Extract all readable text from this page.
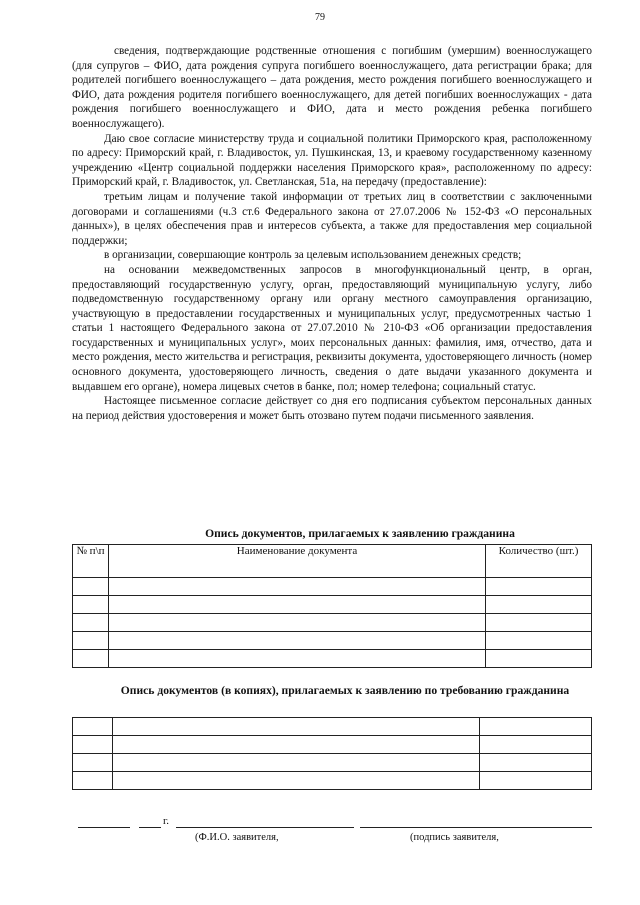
79

сведения, подтверждающие родственные отношения с погибшим (умершим) военнослужащего (для супругов – ФИО, дата рождения супруга погибшего военнослужащего, дата регистрации брака; для родителей погибшего военнослужащего – дата рождения, место рождения погибшего военнослужащего и ФИО, дата рождения родителя погибшего военнослужащего, для детей погибших военнослужащих - дата рождения погибшего военнослужащего и ФИО, дата и место рождения ребенка погибшего военнослужащего).

Даю свое согласие министерству труда и социальной политики Приморского края, расположенному по адресу: Приморский край, г. Владивосток, ул. Пушкинская, 13, и краевому государственному казенному учреждению «Центр социальной поддержки населения Приморского края», расположенному по адресу: Приморский край, г. Владивосток, ул. Светланская, 51а, на передачу (предоставление):

третьим лицам и получение такой информации от третьих лиц в соответствии с заключенными договорами и соглашениями (ч.3 ст.6 Федерального закона от 27.07.2006 № 152-ФЗ «О персональных данных»), в целях обеспечения прав и интересов субъекта, а также для предоставления мер социальной поддержки;

в организации, совершающие контроль за целевым использованием денежных средств;

на основании межведомственных запросов в многофункциональный центр, в орган, предоставляющий государственную услугу, орган, предоставляющий муниципальную услугу, либо подведомственную государственному органу или органу местного самоуправления организацию, участвующую в предоставлении государственных и муниципальных услуг, предусмотренных частью 1 статьи 1 настоящего Федерального закона от 27.07.2010 № 210-ФЗ «Об организации предоставления государственных и муниципальных услуг», моих персональных данных: фамилия, имя, отчество, дата и место рождения, место жительства и регистрация, реквизиты документа, удостоверяющего личность (номер основного документа, удостоверяющего личность, сведения о дате выдачи указанного документа и выдавшем его органе), номера лицевых счетов в банке, пол; номер телефона; социальный статус.

Настоящее письменное согласие действует со дня его подписания субъектом персональных данных на период действия удостоверения и может быть отозвано путем подачи письменного заявления.

Опись документов, прилагаемых к заявлению гражданина
№ п\п	Наименование документа	Количество (шт.)

Опись документов (в копиях), прилагаемых к заявлению по требованию гражданина

г.
(Ф.И.О. заявителя,	(подпись заявителя,
